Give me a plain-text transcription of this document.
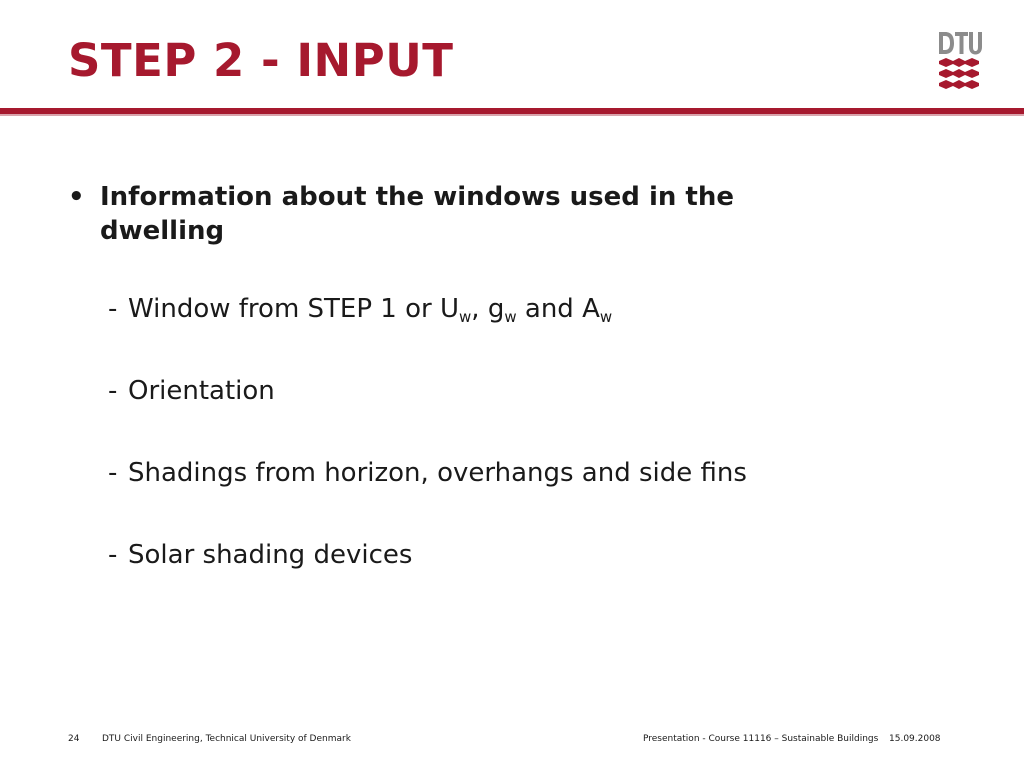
STEP 2 - INPUT
• Information about the windows used in the dwelling
- Window from STEP 1 or $U_w$, $g_w$ and $A_w$
- Orientation
- Shadings from horizon, overhangs and side fins
- Solar shading devices
24	DTU Civil Engineering, Technical University of Denmark	Presentation - Course 11116 – Sustainable Buildings 15.09.2008
